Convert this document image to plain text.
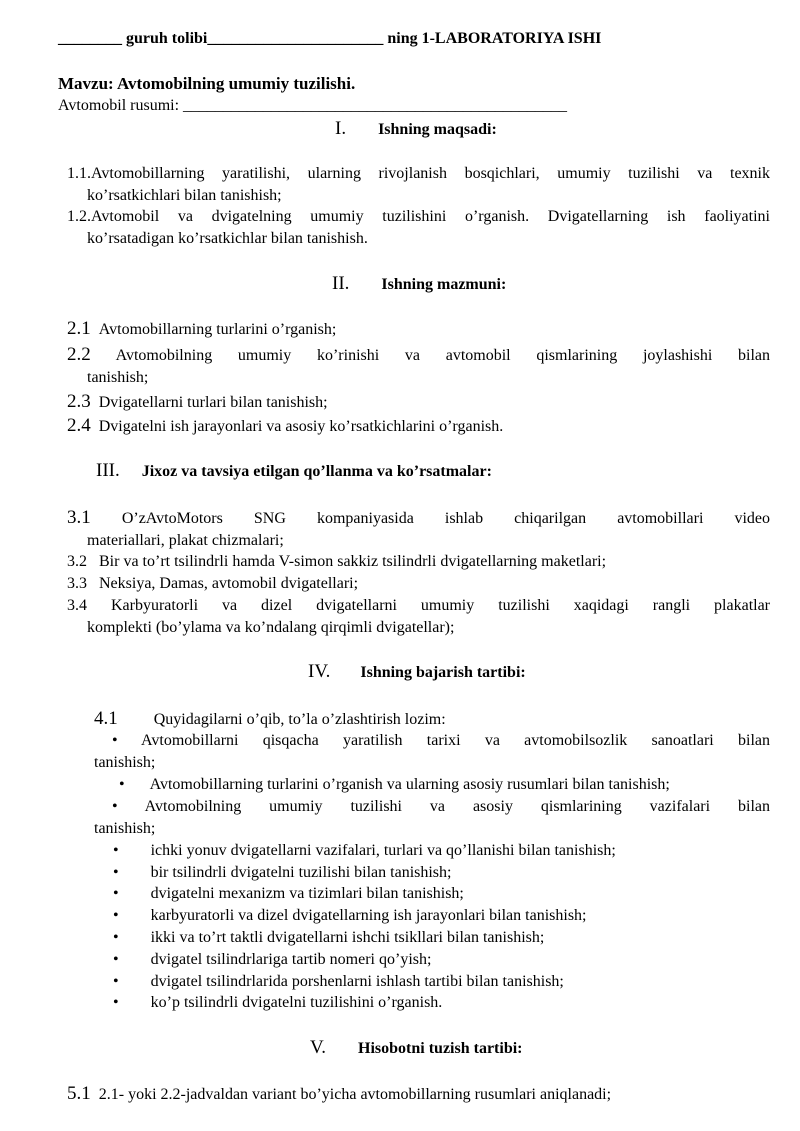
________ guruh tolibi______________________ ning 1-LABORATORIYA ISHI
Mavzu: Avtomobilning umumiy tuzilishi.
Avtomobil rusumi: ________________________________________________
I. Ishning maqsadi:
1.1.Avtomobillarning yaratilishi, ularning rivojlanish bosqichlari, umumiy tuzilishi va texnik
ko’rsatkichlari bilan tanishish;
1.2.Avtomobil va dvigatelning umumiy tuzilishini o’rganish. Dvigatellarning ish faoliyatini
ko’rsatadigan ko’rsatkichlar bilan tanishish.
II. Ishning mazmuni:
2.1 Avtomobillarning turlarini o’rganish;
2.2 Avtomobilning umumiy ko’rinishi va avtomobil qismlarining joylashishi bilan
tanishish;
2.3 Dvigatellarni turlari bilan tanishish;
2.4 Dvigatelni ish jarayonlari va asosiy ko’rsatkichlarini o’rganish.
III. Jixoz va tavsiya etilgan qo’llanma va ko’rsatmalar:
3.1 O’zAvtoMotors SNG kompaniyasida ishlab chiqarilgan avtomobillari video
materiallari, plakat chizmalari;
3.2 Bir va to’rt tsilindrli hamda V-simon sakkiz tsilindrli dvigatellarning maketlari;
3.3 Neksiya, Damas, avtomobil dvigatellari;
3.4 Karbyuratorli va dizel dvigatellarni umumiy tuzilishi xaqidagi rangli plakatlar
komplekti (bo’ylama va ko’ndalang qirqimli dvigatellar);
IV. Ishning bajarish tartibi:
4.1 Quyidagilarni o’qib, to’la o’zlashtirish lozim:
• Avtomobillarni qisqacha yaratilish tarixi va avtomobilsozlik sanoatlari bilan
tanishish;
• Avtomobillarning turlarini o’rganish va ularning asosiy rusumlari bilan tanishish;
• Avtomobilning umumiy tuzilishi va asosiy qismlarining vazifalari bilan
tanishish;
• ichki yonuv dvigatellarni vazifalari, turlari va qo’llanishi bilan tanishish;
• bir tsilindrli dvigatelni tuzilishi bilan tanishish;
• dvigatelni mexanizm va tizimlari bilan tanishish;
• karbyuratorli va dizel dvigatellarning ish jarayonlari bilan tanishish;
• ikki va to’rt taktli dvigatellarni ishchi tsikllari bilan tanishish;
• dvigatel tsilindrlariga tartib nomeri qo’yish;
• dvigatel tsilindrlarida porshenlarni ishlash tartibi bilan tanishish;
• ko’p tsilindrli dvigatelni tuzilishini o’rganish.
V. Hisobotni tuzish tartibi:
5.1 2.1- yoki 2.2-jadvaldan variant bo’yicha avtomobillarning rusumlari aniqlanadi;
